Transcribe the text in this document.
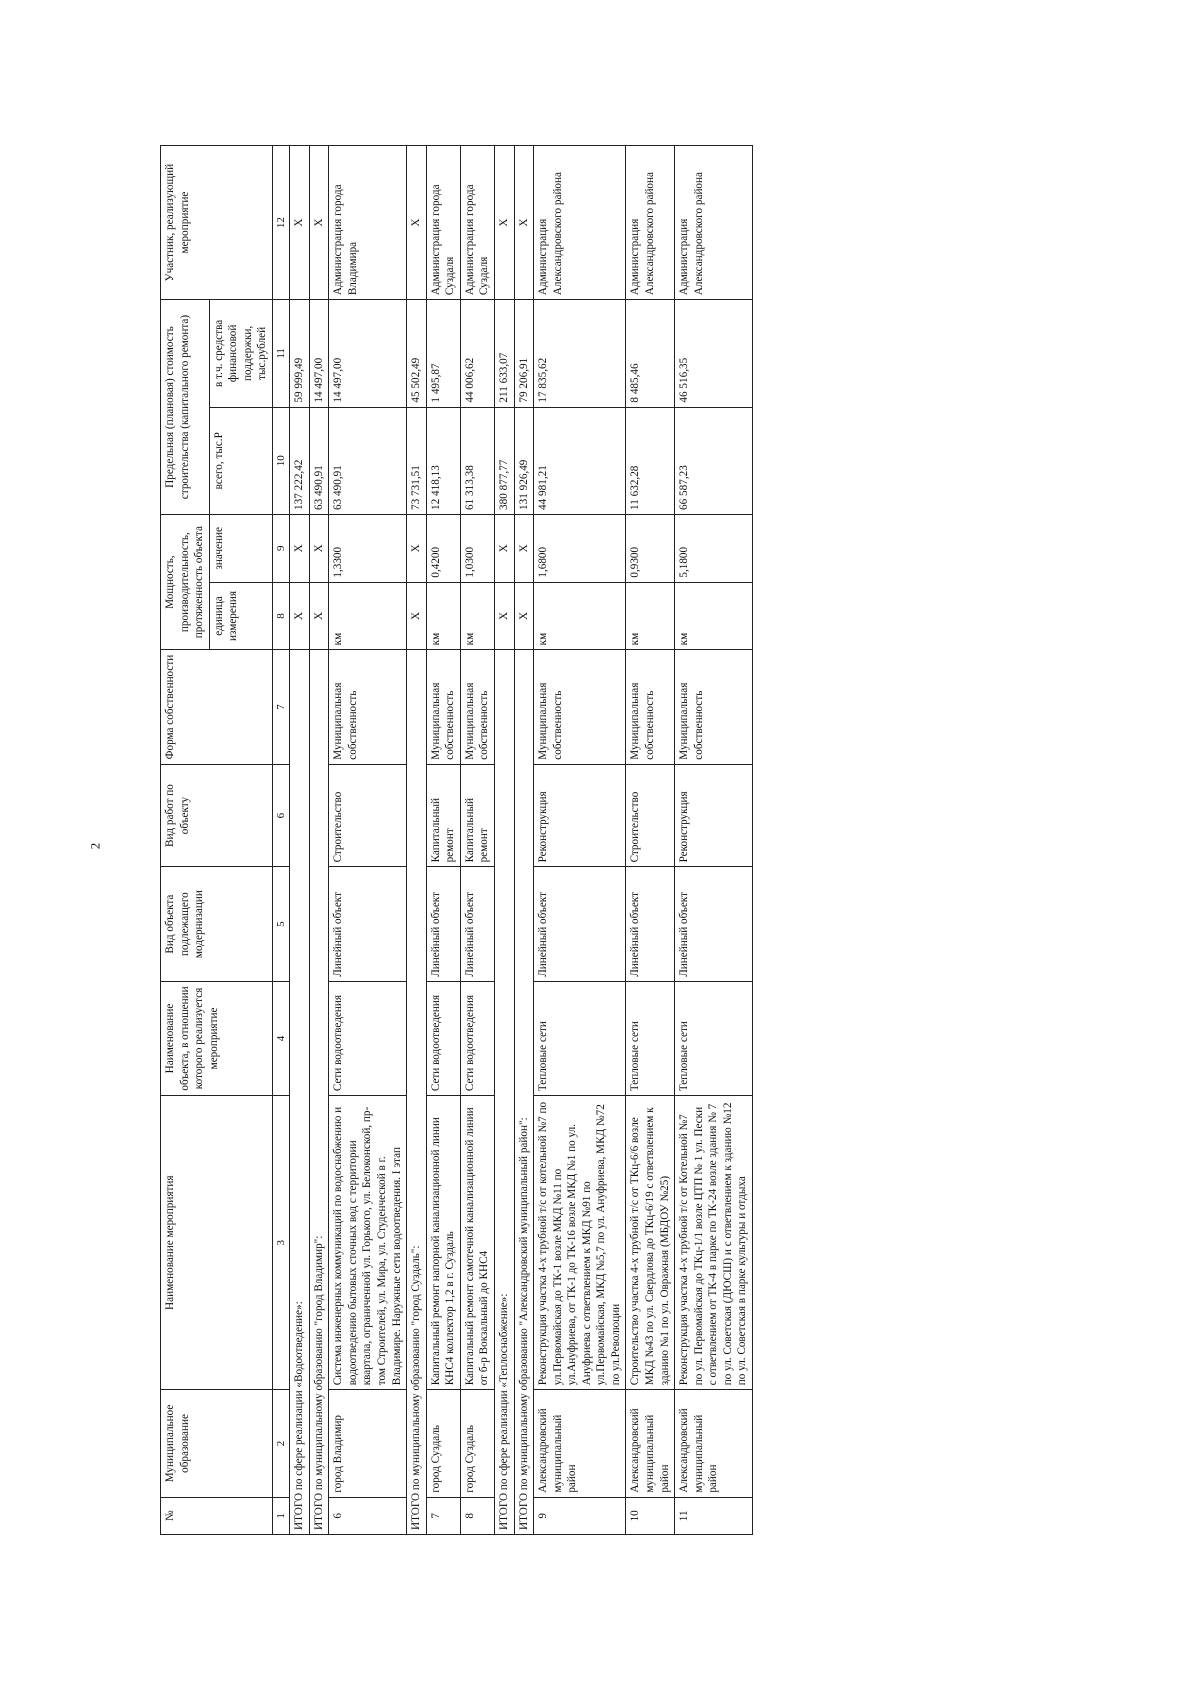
2
№	Муниципальное образование	Наименование мероприятия	Наименование объекта, в отношении которого реализуется мероприятие	Вид объекта подлежащего модернизации	Вид работ по объекту	Форма собственности	Мощность, производительность, протяженность объекта		Предельная (плановая) стоимость строительства (капитального ремонта)		Участник, реализующий мероприятие
							единица измерения	значение	всего, тыс.Р	в т.ч. средства финансовой поддержки, тыс.рублей	
1	2	3	4	5	6	7	8	9	10	11	12
ИТОГО по сфере реализации «Водоотведение»:							X	X	137 222,42	59 999,49	X
ИТОГО по муниципальному образованию "город Владимир":							X	X	63 490,91	14 497,00	X
6	город Владимир	Система инженерных коммуникаций по водоснабжению и водоотведению бытовых сточных вод с территории квартала, ограниченной ул. Горького, ул. Белоконской, пр-том Строителей, ул. Мира, ул. Студенческой в г. Владимире. Наружные сети водоотведения. I этап	Сети водоотведения	Линейный объект	Строительство	Муниципальная собственность	км	1,3300	63 490,91	14 497,00	Администрация города Владимира
ИТОГО по муниципальному образованию "город Суздаль":							X	X	73 731,51	45 502,49	X
7	город Суздаль	Капитальный ремонт напорной канализационной линии КНС4 коллектор 1,2 в г. Суздаль	Сети водоотведения	Линейный объект	Капитальный ремонт	Муниципальная собственность	км	0,4200	12 418,13	1 495,87	Администрация города Суздаля
8	город Суздаль	Капитальный ремонт самотечной канализационной линии от б-р Вокзальный до КНС4	Сети водоотведения	Линейный объект	Капитальный ремонт	Муниципальная собственность	км	1,0300	61 313,38	44 006,62	Администрация города Суздаля
ИТОГО по сфере реализации «Теплоснабжение»:							X	X	380 877,77	211 633,07	X
ИТОГО по муниципальному образованию "Александровский муниципальный район":							X	X	131 926,49	79 206,91	X
9	Александровский муниципальный район	Реконструкция участка 4-х трубной т/с от котельной №7 по ул.Первомайская до ТК-1 возле МКД №11 по ул.Ануфриева, от ТК-1 до ТК-16 возле МКД №1 по ул. Ануфриева с ответвлением к МКД №91 по ул.Первомайская, МКД №5,7 по ул. Ануфриева, МКД №72 по ул.Революции	Тепловые сети	Линейный объект	Реконструкция	Муниципальная собственность	км	1,6800	44 981,21	17 835,62	Администрация Александровского района
10	Александровский муниципальный район	Строительство участка 4-х трубной т/с от ТКц-6/6 возле МКД №43 по ул. Свердлова до ТКц-6/19 с ответвлением к зданию №1 по ул. Овражная (МБДОУ №25)	Тепловые сети	Линейный объект	Строительство	Муниципальная собственность	км	0,9300	11 632,28	8 485,46	Администрация Александровского района
11	Александровский муниципальный район	Реконструкция участка 4-х трубной т/с от Котельной №7 по ул. Первомайская до ТКц-1/1 возле ЦТП № 1 ул. Пески с ответвлением от ТК-4 в парке по ТК-24 возле здания № 7 по ул. Советская (ДЮСШ) и с ответвлением к зданию №12 по ул. Советская в парке культуры и отдыха	Тепловые сети	Линейный объект	Реконструкция	Муниципальная собственность	км	5,1800	66 587,23	46 516,35	Администрация Александровского района
